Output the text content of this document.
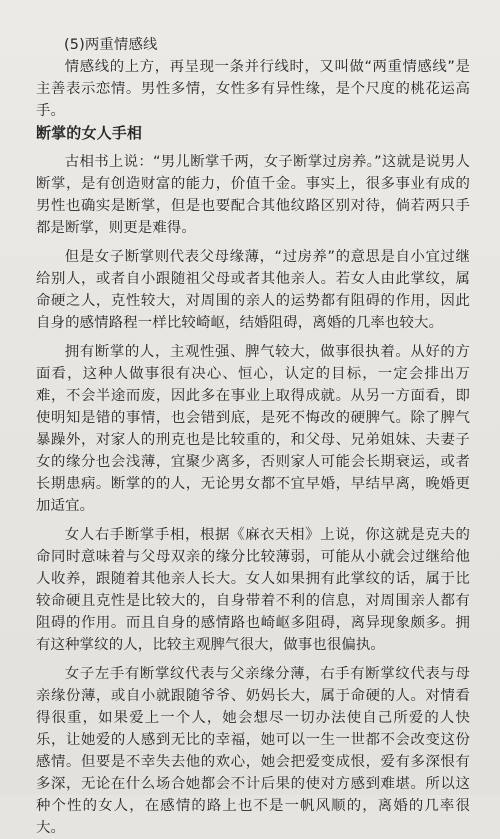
(5)两重情感线

情感线的上方，再呈现一条并行线时，又叫做“两重情感线”是主善表示恋情。男性多情，女性多有异性缘，是个尺度的桃花运高手。

断掌的女人手相

古相书上说：“男儿断掌千两，女子断掌过房养。”这就是说男人断掌，是有创造财富的能力，价值千金。事实上，很多事业有成的男性也确实是断掌，但是也要配合其他纹路区别对待，倘若两只手都是断掌，则更是难得。

但是女子断掌则代表父母缘薄，“过房养”的意思是自小宜过继给别人，或者自小跟随祖父母或者其他亲人。若女人由此掌纹，属命硬之人，克性较大，对周围的亲人的运势都有阻碍的作用，因此自身的感情路程一样比较崎岖，结婚阻碍，离婚的几率也较大。

拥有断掌的人，主观性强、脾气较大，做事很执着。从好的方面看，这种人做事很有决心、恒心，认定的目标，一定会排出万难，不会半途而废，因此多在事业上取得成就。从另一方面看，即使明知是错的事情，也会错到底，是死不悔改的硬脾气。除了脾气暴躁外，对家人的刑克也是比较重的，和父母、兄弟姐妹、夫妻子女的缘分也会浅薄，宜聚少离多，否则家人可能会长期衰运，或者长期患病。断掌的的人，无论男女都不宜早婚，早结早离，晚婚更加适宜。

女人右手断掌手相，根据《麻衣天相》上说，你这就是克夫的命同时意味着与父母双亲的缘分比较薄弱，可能从小就会过继给他人收养，跟随着其他亲人长大。女人如果拥有此掌纹的话，属于比较命硬且克性是比较大的，自身带着不利的信息，对周围亲人都有阻碍的作用。而且自身的感情路也崎岖多阻碍，离异现象颇多。拥有这种掌纹的人，比较主观脾气很大，做事也很偏执。

女子左手有断掌纹代表与父亲缘分薄，右手有断掌纹代表与母亲缘份薄，或自小就跟随爷爷、奶妈长大，属于命硬的人。对情看得很重，如果爱上一个人，她会想尽一切办法使自己所爱的人快乐，让她爱的人感到无比的幸福，她可以一生一世都不会改变这份感情。但要是不幸失去他的欢心，她会把爱变成恨，爱有多深恨有多深，无论在什么场合她都会不计后果的使对方感到难堪。所以这种个性的女人，在感情的路上也不是一帆风顺的，离婚的几率很大。
